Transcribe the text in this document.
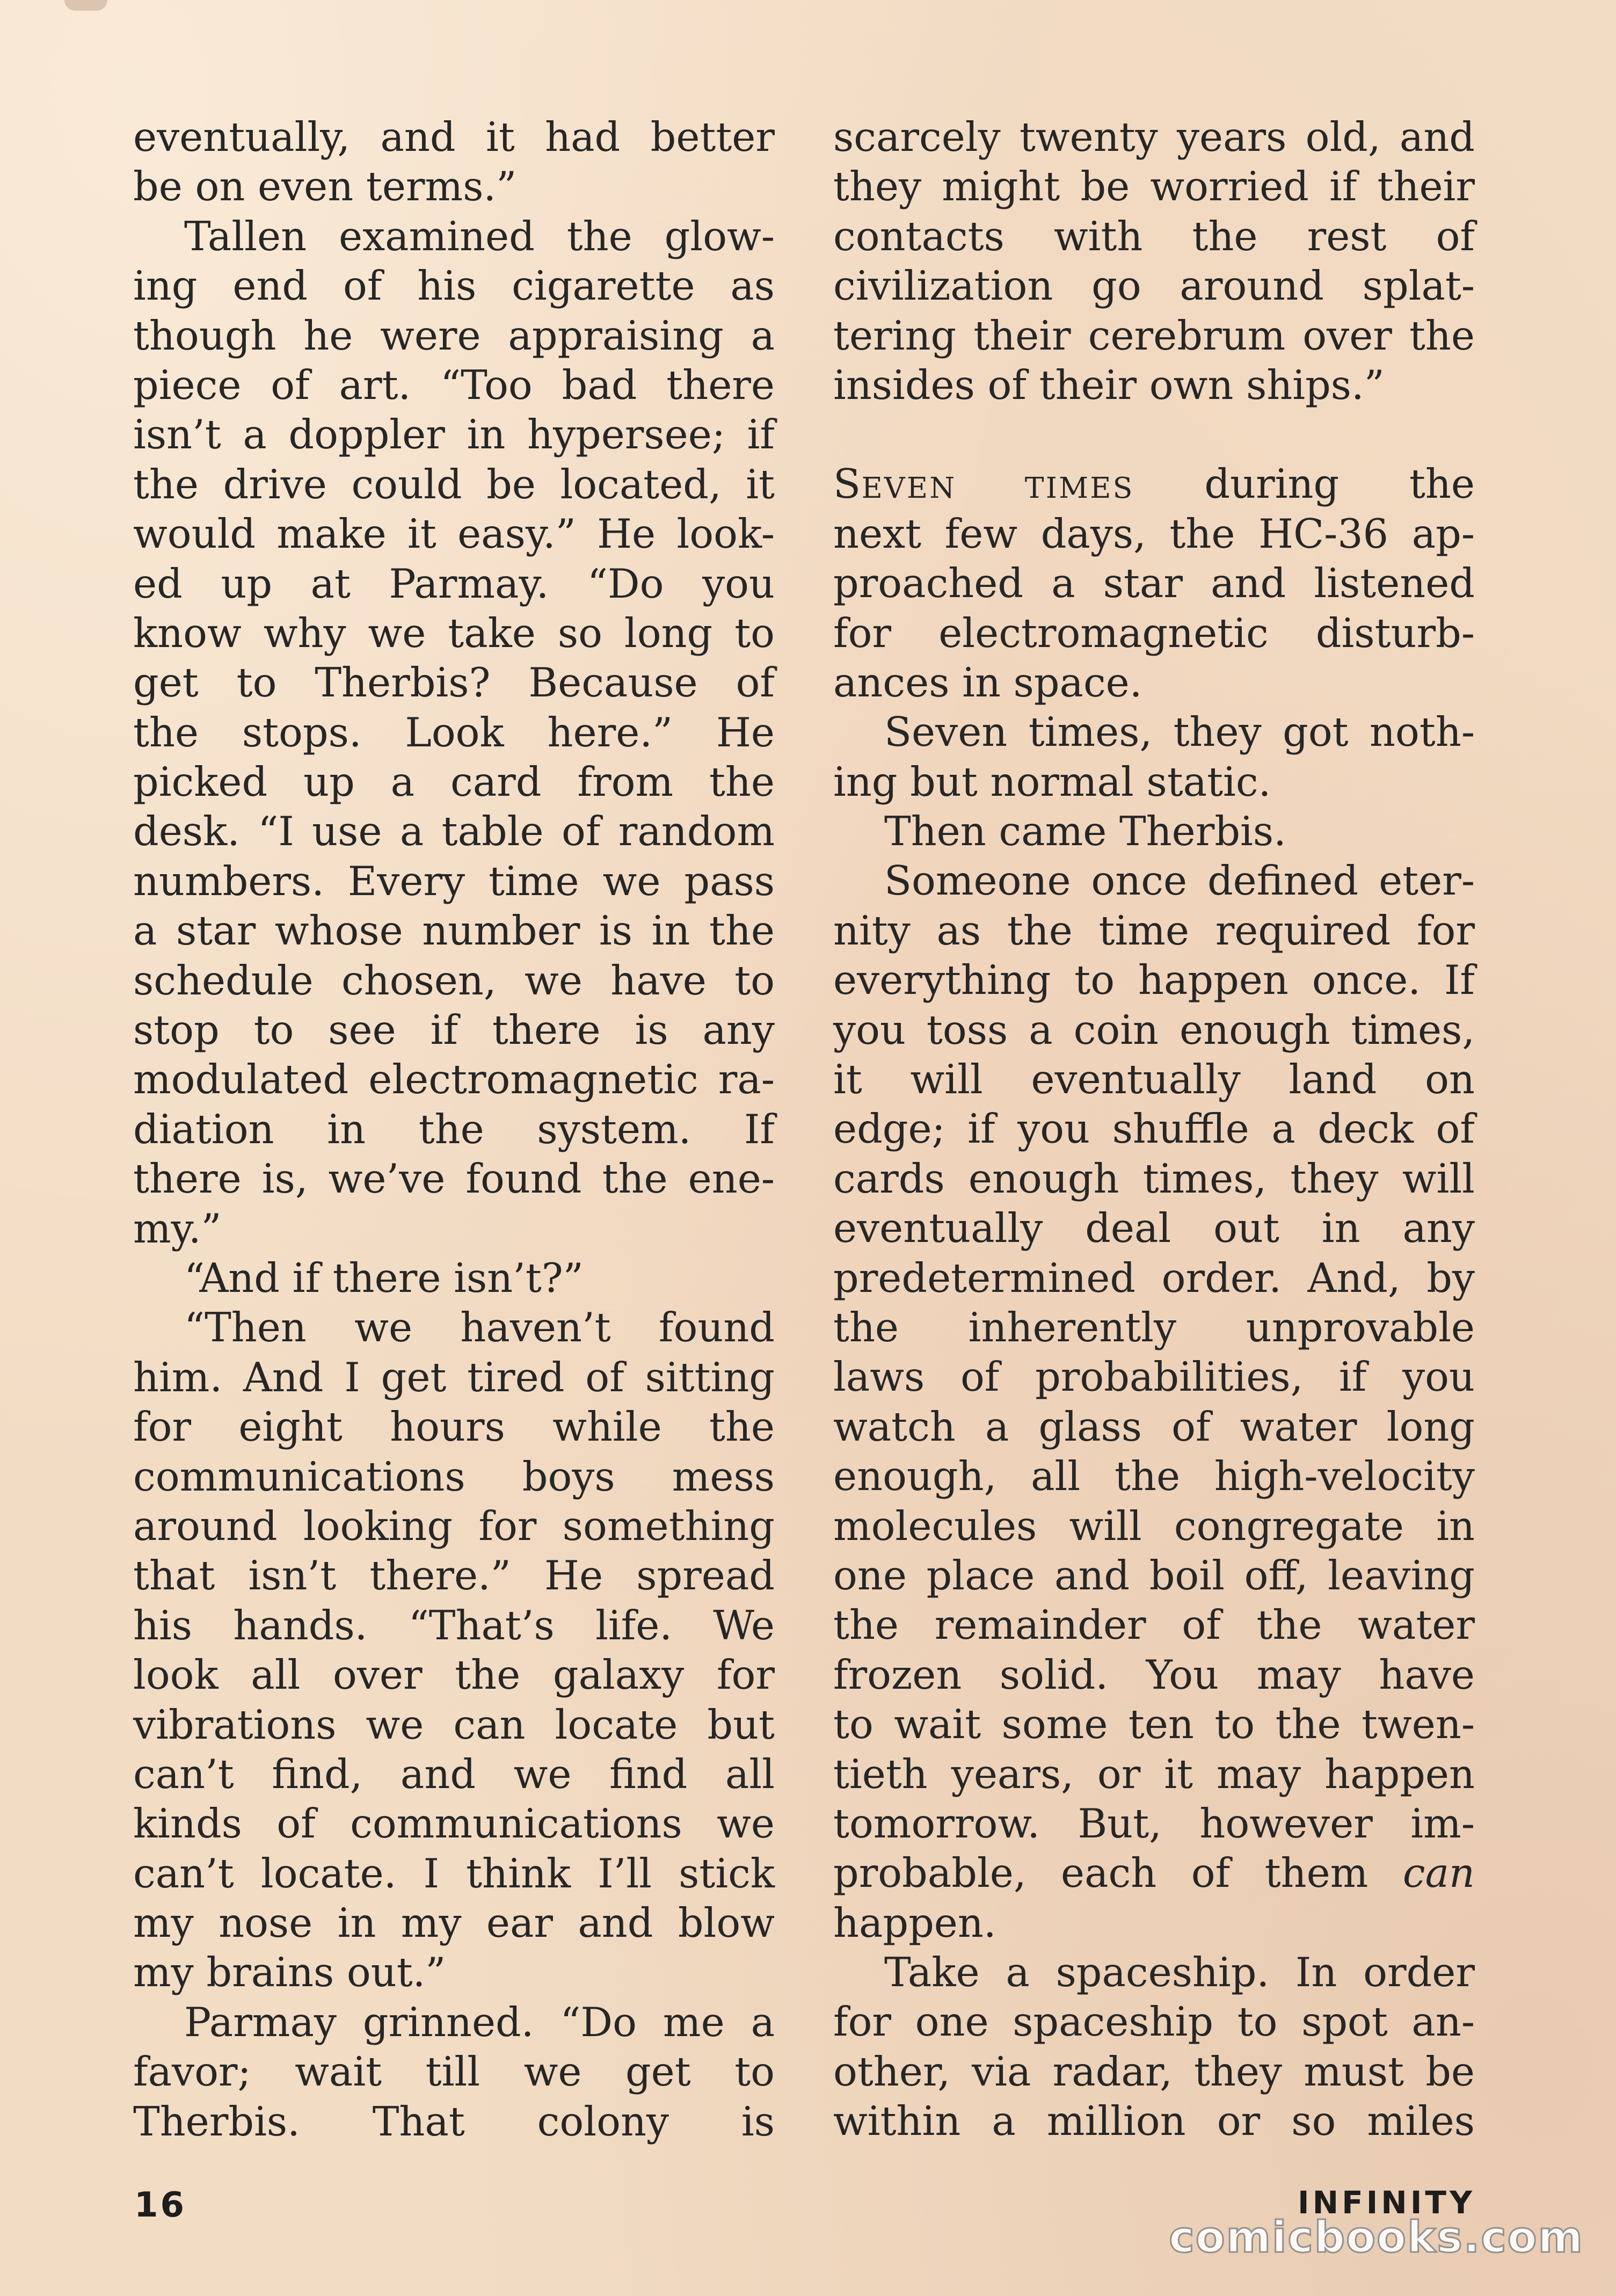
eventually, and it had better
be on even terms.”
Tallen examined the glow-
ing end of his cigarette as
though he were appraising a
piece of art. “Too bad there
isn’t a doppler in hypersee; if
the drive could be located, it
would make it easy.” He look-
ed up at Parmay. “Do you
know why we take so long to
get to Therbis? Because of
the stops. Look here.” He
picked up a card from the
desk. “I use a table of random
numbers. Every time we pass
a star whose number is in the
schedule chosen, we have to
stop to see if there is any
modulated electromagnetic ra-
diation in the system. If
there is, we’ve found the ene-
my.”
“And if there isn’t?”
“Then we haven’t found
him. And I get tired of sitting
for eight hours while the
communications boys mess
around looking for something
that isn’t there.” He spread
his hands. “That’s life. We
look all over the galaxy for
vibrations we can locate but
can’t find, and we find all
kinds of communications we
can’t locate. I think I’ll stick
my nose in my ear and blow
my brains out.”
Parmay grinned. “Do me a
favor; wait till we get to
Therbis. That colony is
scarcely twenty years old, and
they might be worried if their
contacts with the rest of
civilization go around splat-
tering their cerebrum over the
insides of their own ships.”
SEVEN TIMES during the
next few days, the HC-36 ap-
proached a star and listened
for electromagnetic disturb-
ances in space.
Seven times, they got noth-
ing but normal static.
Then came Therbis.
Someone once defined eter-
nity as the time required for
everything to happen once. If
you toss a coin enough times,
it will eventually land on
edge; if you shuffle a deck of
cards enough times, they will
eventually deal out in any
predetermined order. And, by
the inherently unprovable
laws of probabilities, if you
watch a glass of water long
enough, all the high-velocity
molecules will congregate in
one place and boil off, leaving
the remainder of the water
frozen solid. You may have
to wait some ten to the twen-
tieth years, or it may happen
tomorrow. But, however im-
probable, each of them can
happen.
Take a spaceship. In order
for one spaceship to spot an-
other, via radar, they must be
within a million or so miles
16	INFINITY
comicbooks.com
